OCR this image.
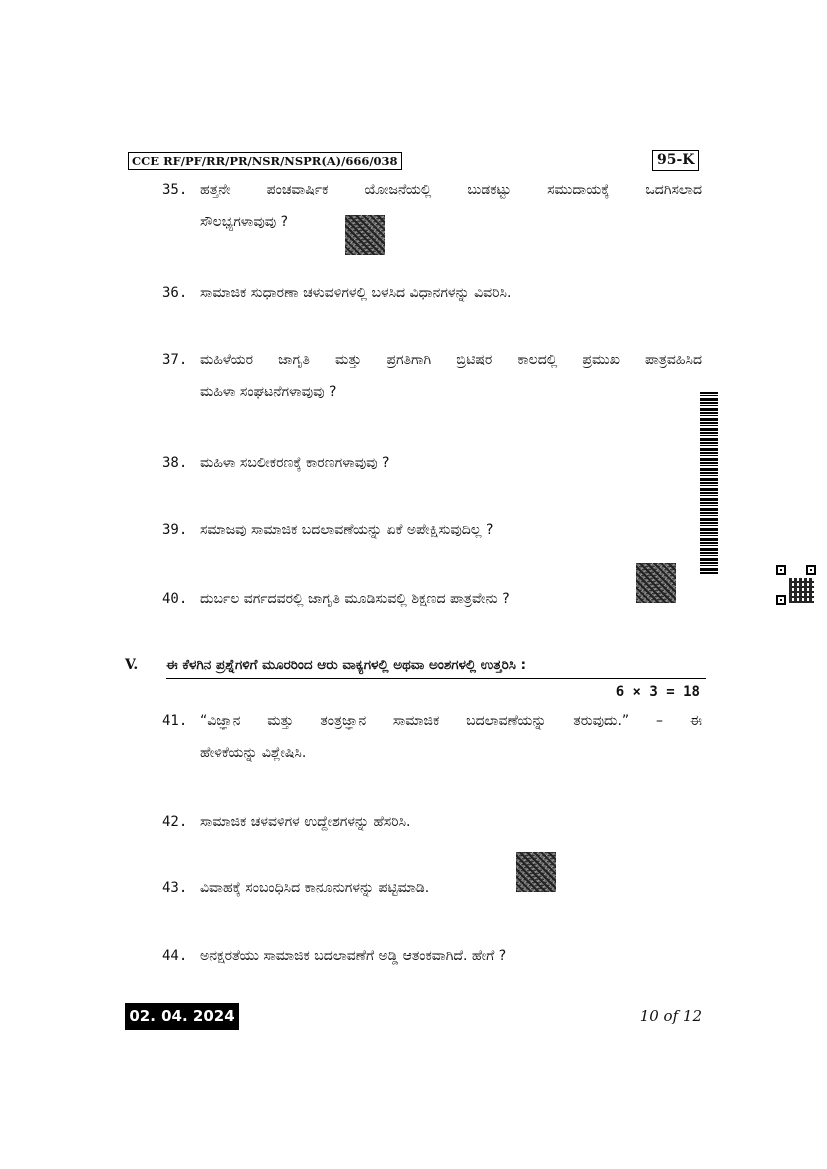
CCE RF/PF/RR/PR/NSR/NSPR(A)/666/038	95-K
35. ಹತ್ತನೇ ಪಂಚವಾರ್ಷಿಕ ಯೋಜನೆಯಲ್ಲಿ ಬುಡಕಟ್ಟು ಸಮುದಾಯಕ್ಕೆ ಒದಗಿಸಲಾದ
ಸೌಲಭ್ಯಗಳಾವುವು ?
36. ಸಾಮಾಜಿಕ ಸುಧಾರಣಾ ಚಳುವಳಿಗಳಲ್ಲಿ ಬಳಸಿದ ವಿಧಾನಗಳನ್ನು ವಿವರಿಸಿ.
37. ಮಹಿಳೆಯರ ಜಾಗೃತಿ ಮತ್ತು ಪ್ರಗತಿಗಾಗಿ ಬ್ರಿಟಿಷರ ಕಾಲದಲ್ಲಿ ಪ್ರಮುಖ ಪಾತ್ರವಹಿಸಿದ
ಮಹಿಳಾ ಸಂಘಟನೆಗಳಾವುವು ?
38. ಮಹಿಳಾ ಸಬಲೀಕರಣಕ್ಕೆ ಕಾರಣಗಳಾವುವು ?
39. ಸಮಾಜವು ಸಾಮಾಜಿಕ ಬದಲಾವಣೆಯನ್ನು ಏಕೆ ಅಪೇಕ್ಷಿಸುವುದಿಲ್ಲ ?
40. ದುರ್ಬಲ ವರ್ಗದವರಲ್ಲಿ ಜಾಗೃತಿ ಮೂಡಿಸುವಲ್ಲಿ ಶಿಕ್ಷಣದ ಪಾತ್ರವೇನು ?
V. ಈ ಕೆಳಗಿನ ಪ್ರಶ್ನೆಗಳಿಗೆ ಮೂರರಿಂದ ಆರು ವಾಕ್ಯಗಳಲ್ಲಿ ಅಥವಾ ಅಂಶಗಳಲ್ಲಿ ಉತ್ತರಿಸಿ :
6 × 3 = 18
41. “ವಿಜ್ಞಾನ ಮತ್ತು ತಂತ್ರಜ್ಞಾನ ಸಾಮಾಜಿಕ ಬದಲಾವಣೆಯನ್ನು ತರುವುದು.” – ಈ
ಹೇಳಿಕೆಯನ್ನು ವಿಶ್ಲೇಷಿಸಿ.
42. ಸಾಮಾಜಿಕ ಚಳವಳಿಗಳ ಉದ್ದೇಶಗಳನ್ನು ಹೆಸರಿಸಿ.
43. ವಿವಾಹಕ್ಕೆ ಸಂಬಂಧಿಸಿದ ಕಾನೂನುಗಳನ್ನು ಪಟ್ಟಿಮಾಡಿ.
44. ಅನಕ್ಷರತೆಯು ಸಾಮಾಜಿಕ ಬದಲಾವಣೆಗೆ ಅಡ್ಡಿ ಆತಂಕವಾಗಿದೆ. ಹೇಗೆ ?
02. 04. 2024	10 of 12
